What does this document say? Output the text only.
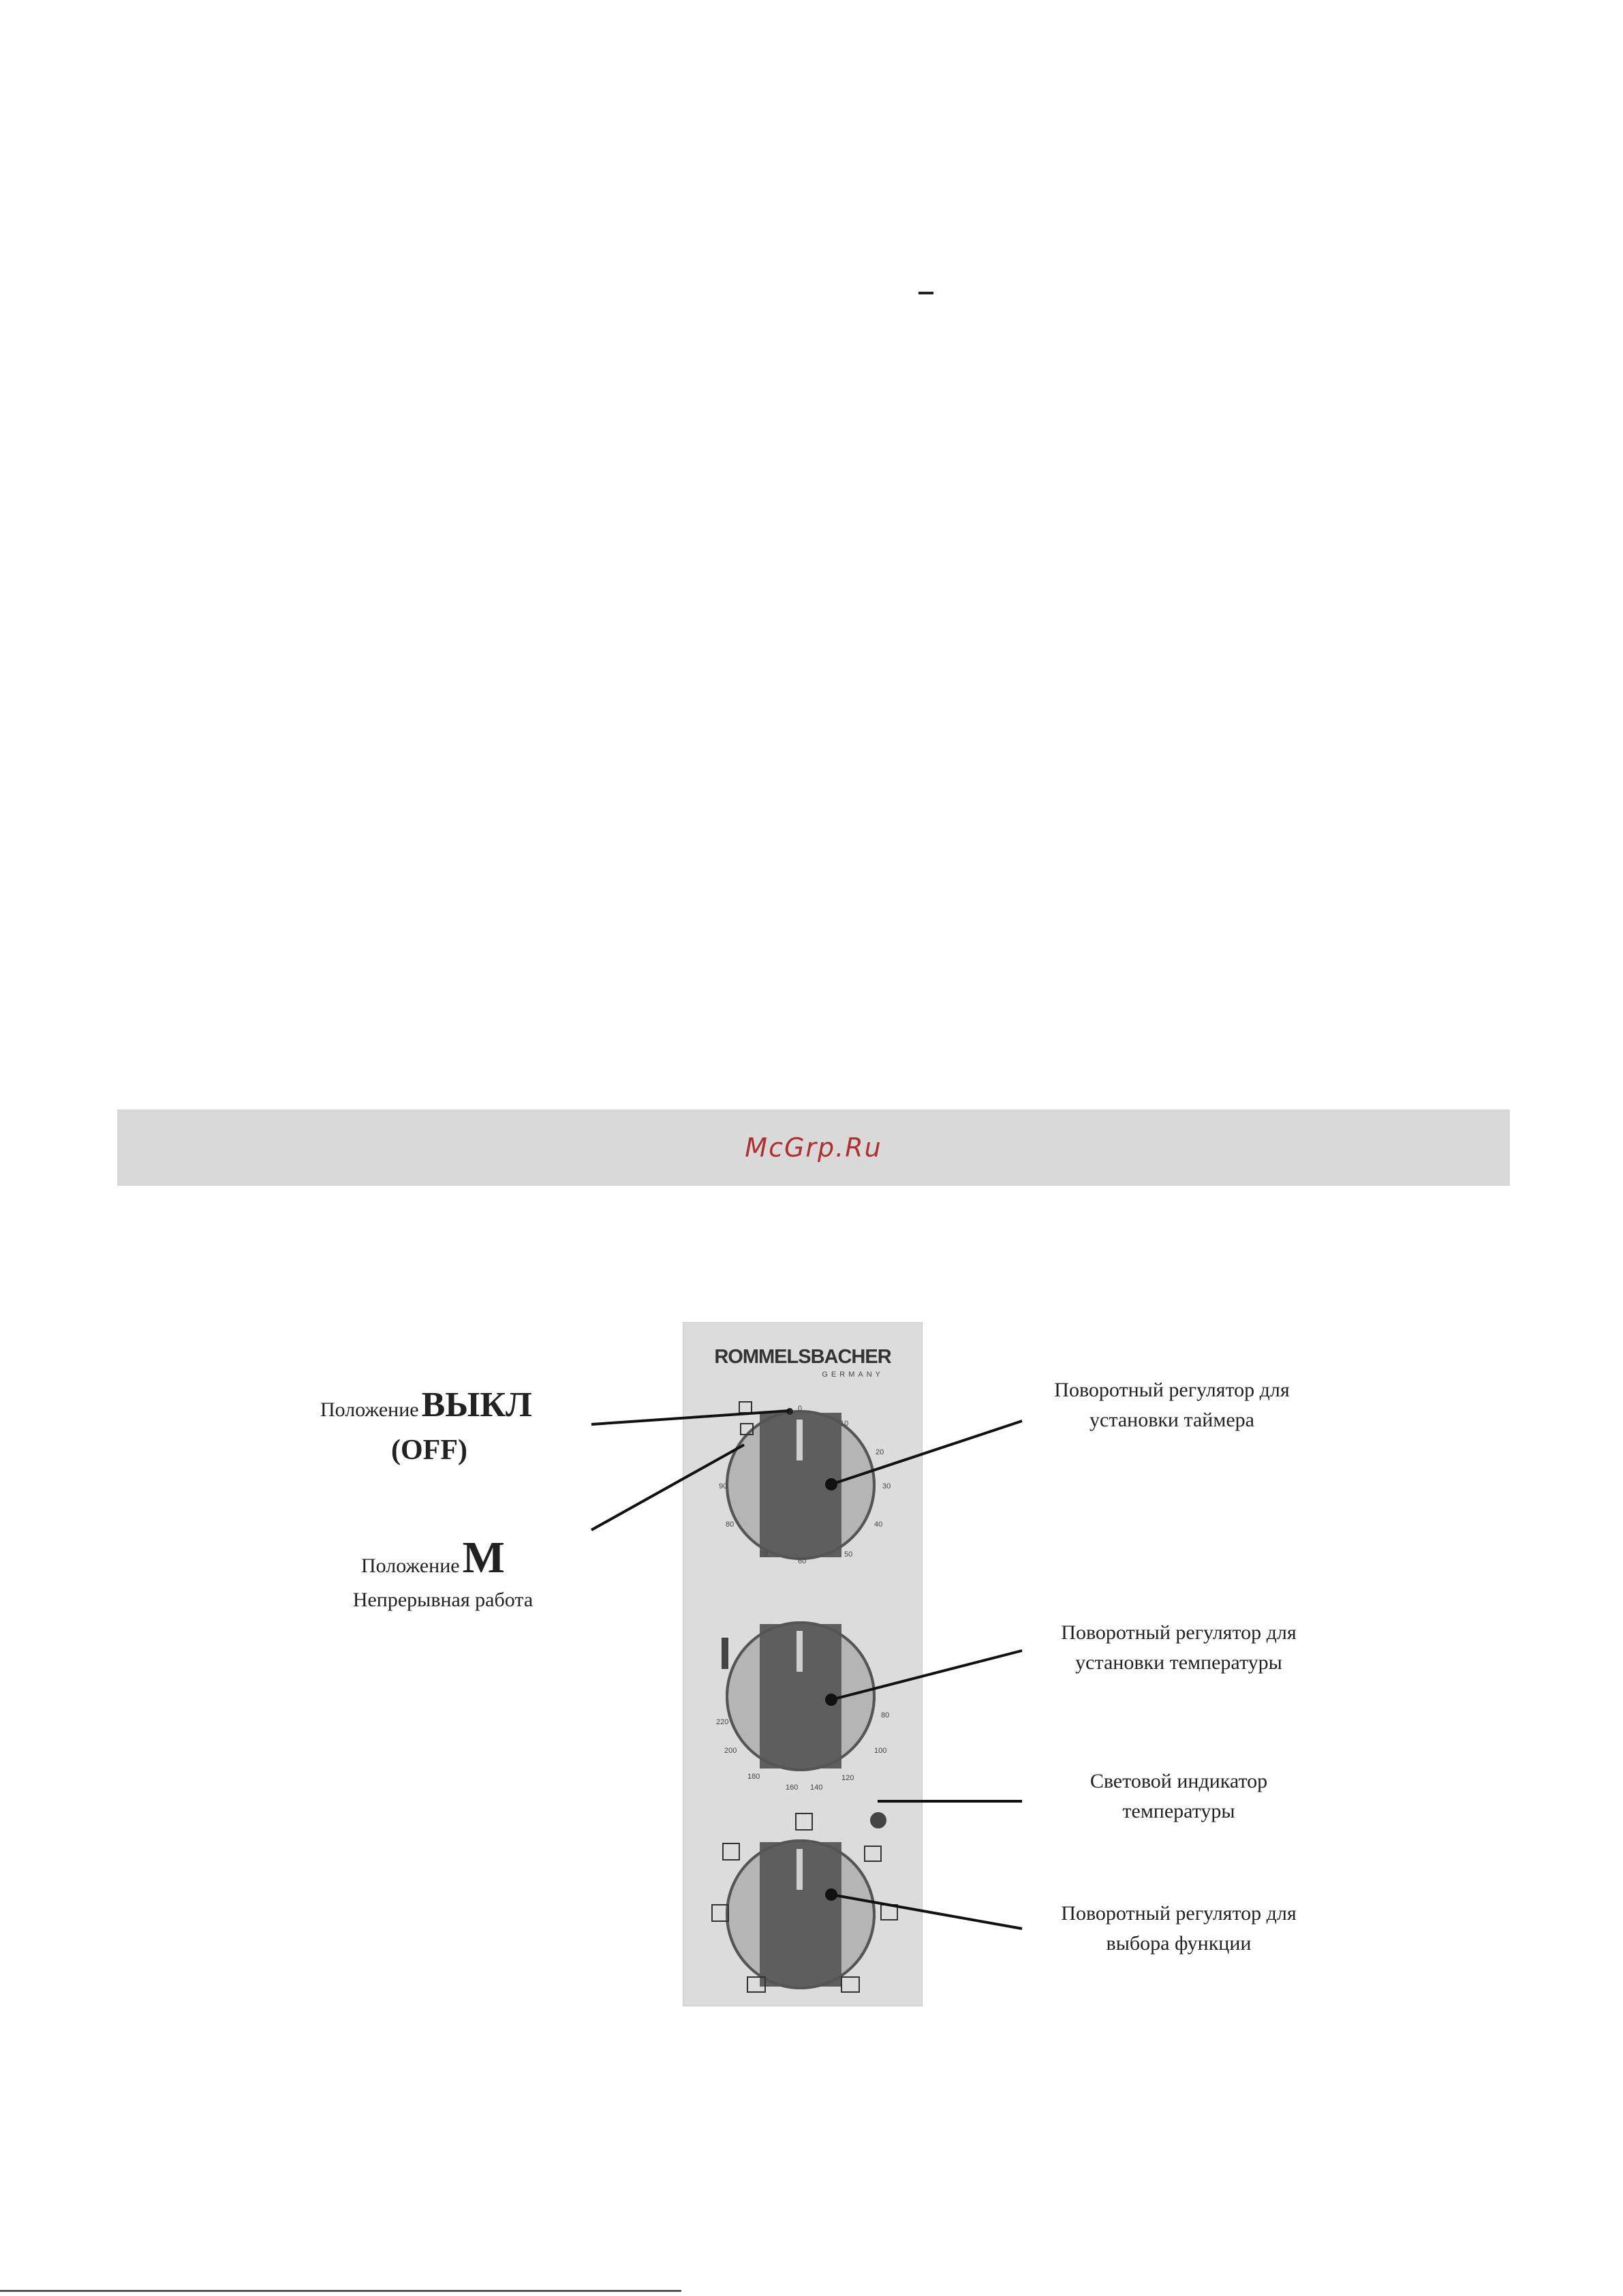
McGrp.Ru
ROMMELSBACHER
GERMANY
0
10
20
30
40
50
60
70
80
90
80
100
120
140
160
180
200
220
Положение ВЫКЛ
(OFF)
Положение M
Непрерывная работа
Поворотный регулятор для
установки таймера
Поворотный регулятор для
установки температуры
Световой индикатор
температуры
Поворотный регулятор для
выбора функции
